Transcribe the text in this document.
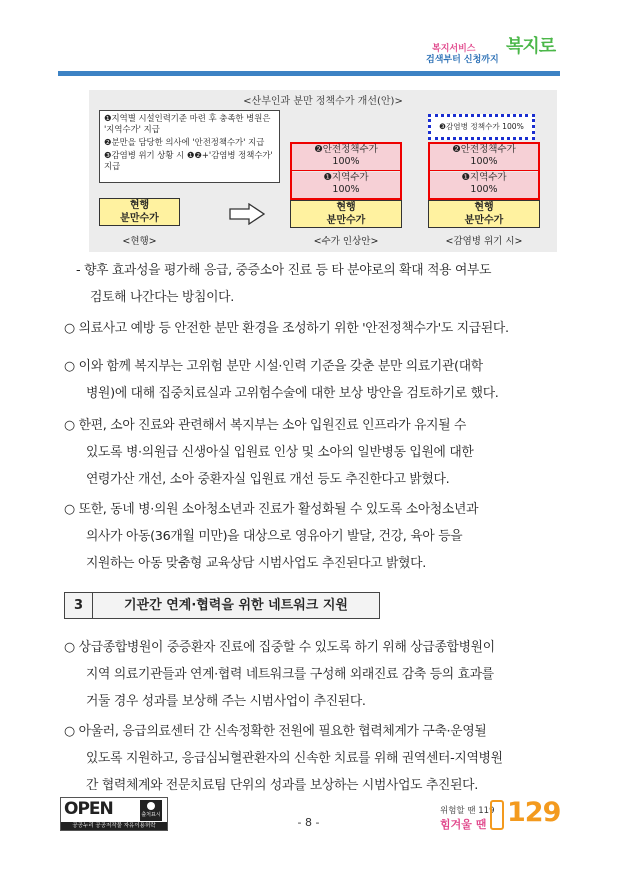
복지서비스
검색부터 신청까지
복지로
<산부인과 분만 정책수가 개선(안)>
❶지역별 시설인력기준 마련 후 충족한 병원은 '지역수가' 지급
❷분만을 담당한 의사에 '안전정책수가' 지급
❸감염병 위기 상황 시 ❶❷+'감염병 정책수가' 지급
현행
분만수가
<현행>
❷안전정책수가
100%
❶지역수가
100%
현행
분만수가
<수가 인상안>
❸감염병 정책수가 100%
❷안전정책수가
100%
❶지역수가
100%
현행
분만수가
<감염병 위기 시>
- 향후 효과성을 평가해 응급, 중증소아 진료 등 타 분야로의 확대 적용 여부도
검토해 나간다는 방침이다.
○ 의료사고 예방 등 안전한 분만 환경을 조성하기 위한 '안전정책수가'도 지급된다.
○ 이와 함께 복지부는 고위험 분만 시설·인력 기준을 갖춘 분만 의료기관(대학
병원)에 대해 집중치료실과 고위험수술에 대한 보상 방안을 검토하기로 했다.
○ 한편, 소아 진료와 관련해서 복지부는 소아 입원진료 인프라가 유지될 수
있도록 병·의원급 신생아실 입원료 인상 및 소아의 일반병동 입원에 대한
연령가산 개선, 소아 중환자실 입원료 개선 등도 추진한다고 밝혔다.
○ 또한, 동네 병·의원 소아청소년과 진료가 활성화될 수 있도록 소아청소년과
의사가 아동(36개월 미만)을 대상으로 영유아기 발달, 건강, 육아 등을
지원하는 아동 맞춤형 교육상담 시범사업도 추진된다고 밝혔다.
3	기관간 연계·협력을 위한 네트워크 지원
○ 상급종합병원이 중증환자 진료에 집중할 수 있도록 하기 위해 상급종합병원이
지역 의료기관들과 연계·협력 네트워크를 구성해 외래진료 감축 등의 효과를
거둘 경우 성과를 보상해 주는 시범사업이 추진된다.
○ 아울러, 응급의료센터 간 신속정확한 전원에 필요한 협력체계가 구축·운영될
있도록 지원하고, 응급심뇌혈관환자의 신속한 치료를 위해 권역센터-지역병원
간 협력체계와 전문치료팀 단위의 성과를 보상하는 시범사업도 추진된다.
OPEN	출처표시
공공누리 공공저작물 자유이용허락	- 8 -
위험할 땐 119
힘겨울 땐 129
